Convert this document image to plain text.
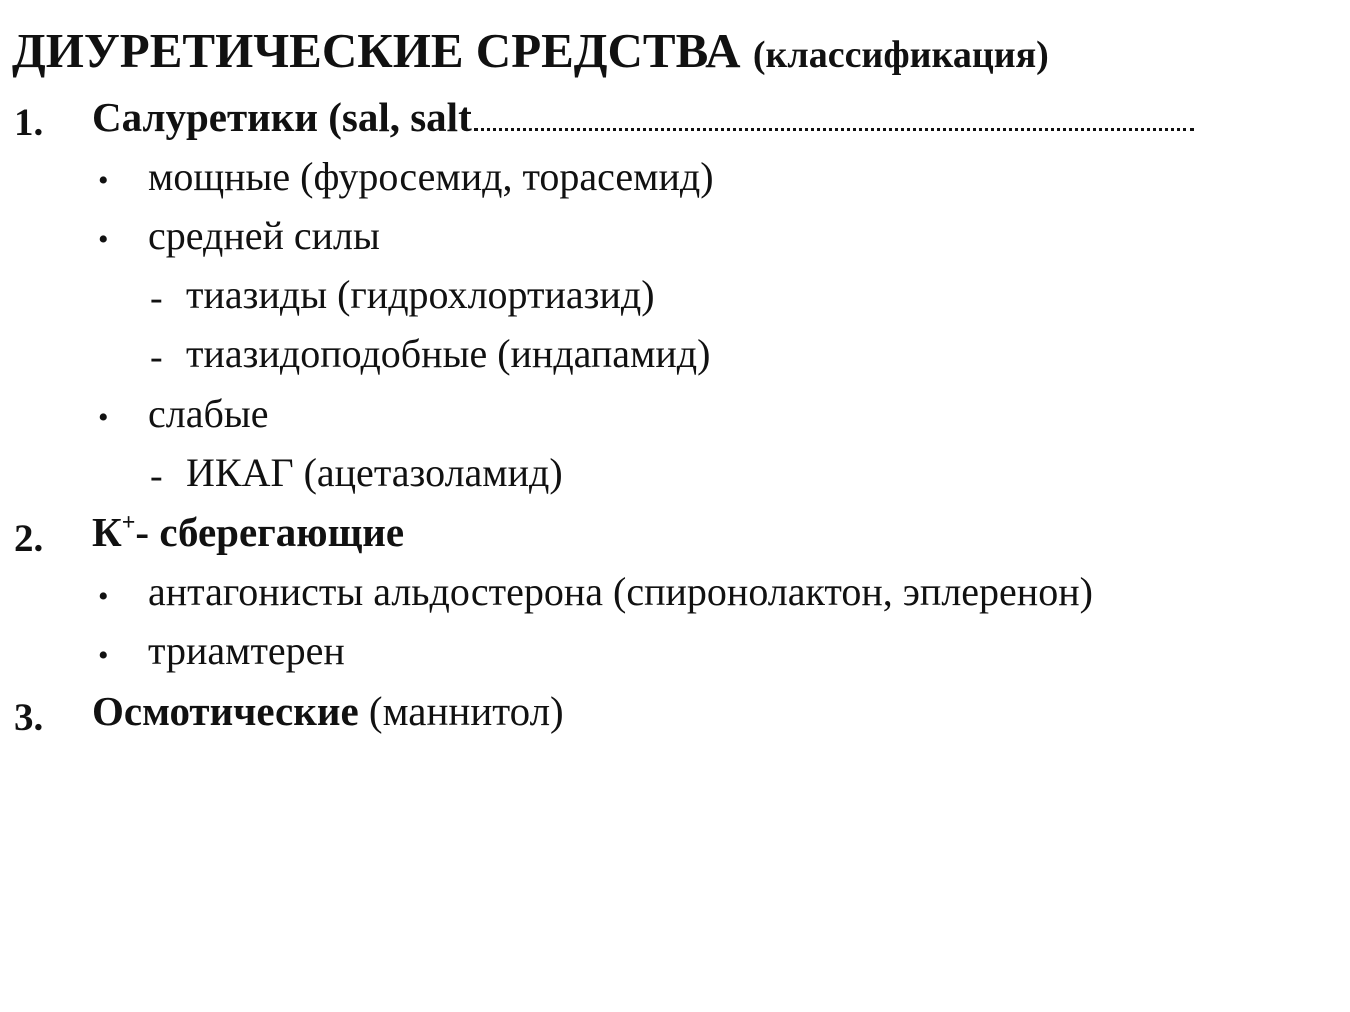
ДИУРЕТИЧЕСКИЕ СРЕДСТВА (классификация)
1. Салуретики (sal, salt
• мощные (фуросемид, торасемид)
• средней силы
- тиазиды (гидрохлортиазид)
- тиазидоподобные (индапамид)
• слабые
- ИКАГ (ацетазоламид)
2. К+- сберегающие
• антагонисты альдостерона (спиронолактон, эплеренон)
• триамтерен
3. Осмотические (маннитол)
